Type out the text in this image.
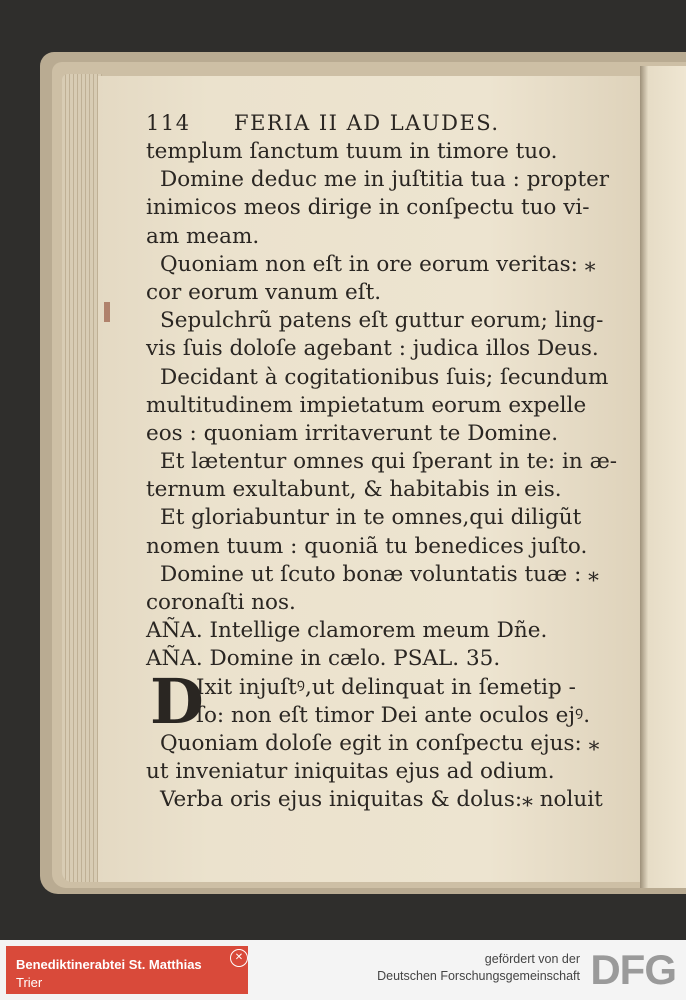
114 FERIA II AD LAUDES.
templum ſanctum tuum in timore tuo.
Domine deduc me in juſtitia tua : propter
inimicos meos dirige in conſpectu tuo vi-
am meam.
Quoniam non eſt in ore eorum veritas: ⁎
cor eorum vanum eſt.
Sepulchrũ patens eſt guttur eorum; ling-
vis ſuis doloſe agebant : judica illos Deus.
Decidant à cogitationibus ſuis; ſecundum
multitudinem impietatum eorum expelle
eos : quoniam irritaverunt te Domine.
Et lætentur omnes qui ſperant in te: in æ-
ternum exultabunt, & habitabis in eis.
Et gloriabuntur in te omnes,qui diligũt
nomen tuum : quoniã tu benedices juſto.
Domine ut ſcuto bonæ voluntatis tuæ : ⁎
coronaſti nos.
AÑA. Intellige clamorem meum Dñe.
AÑA. Domine in cælo. PSAL. 35.
D
Ixit injuſtꝰ,ut delinquat in ſemetip -
ſo: non eſt timor Dei ante oculos ejꝰ.
Quoniam doloſe egit in conſpectu ejus: ⁎
ut inveniatur iniquitas ejus ad odium.
Verba oris ejus iniquitas & dolus:⁎ noluit
Benediktinerabtei St. Matthias
Trier
✕	gefördert von der
Deutschen Forschungsgemeinschaft DFG
